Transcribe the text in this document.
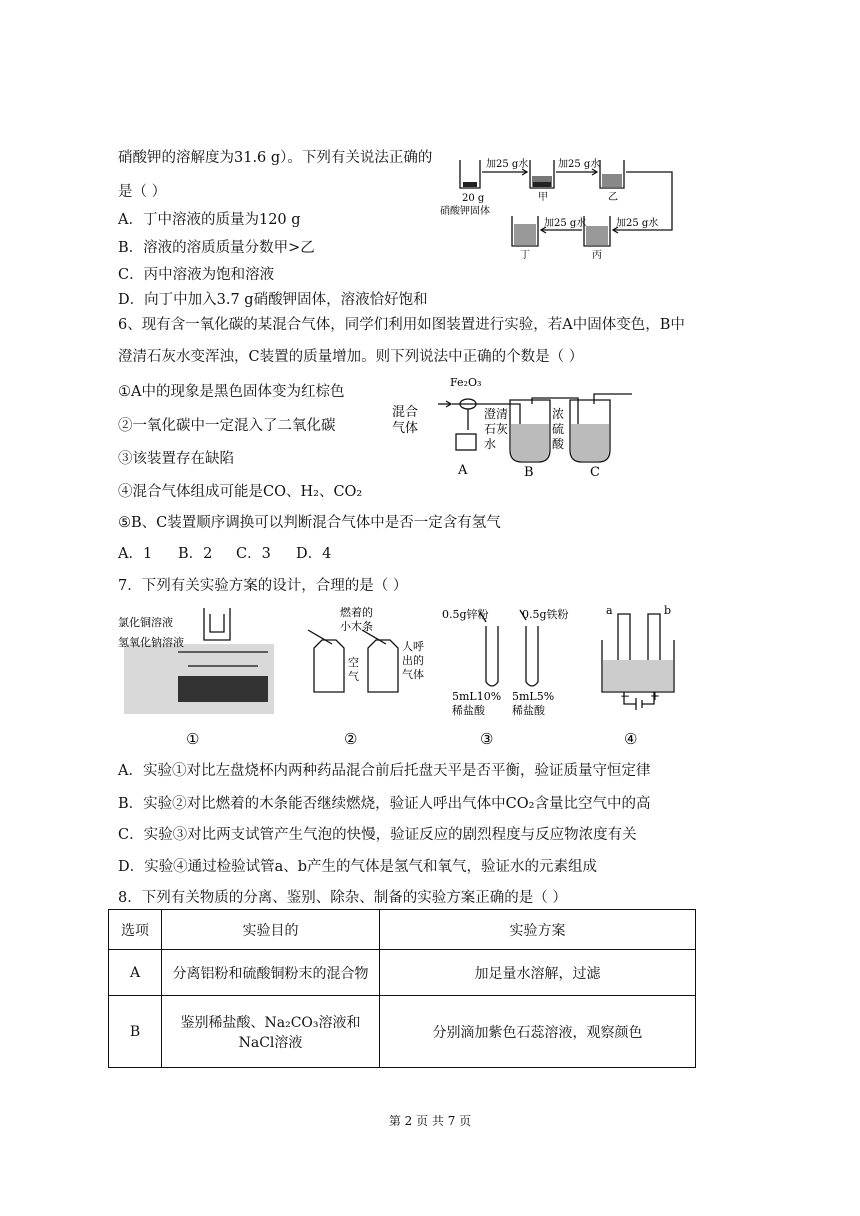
硝酸钾的溶解度为31.6 g）。下列有关说法正确的
是（ ）
A．丁中溶液的质量为120 g
B．溶液的溶质质量分数甲>乙
C．丙中溶液为饱和溶液
D．向丁中加入3.7 g硝酸钾固体，溶液恰好饱和
加25 g水	加25 g水
加25 g水
加25 g水
20 g
硝酸钾固体
甲	乙
丁	丙
6、现有含一氧化碳的某混合气体，同学们利用如图装置进行实验，若A中固体变色，B中
澄清石灰水变浑浊，C装置的质量增加。则下列说法中正确的个数是（ ）
①A中的现象是黑色固体变为红棕色
②一氧化碳中一定混入了二氧化碳
③该装置存在缺陷
④混合气体组成可能是CO、H₂、CO₂
⑤B、C装置顺序调换可以判断混合气体中是否一定含有氢气
A．1 B．2 C．3 D．4
Fe₂O₃
混合
气体
澄清
石灰
水
浓
硫
酸
A	B	C
7．下列有关实验方案的设计，合理的是（ ）
氯化铜溶液
氢氧化钠溶液
燃着的
小木条
空
气
人呼
出的
气体
0.5g锌粉	0.5g铁粉
5mL10%
稀盐酸
5mL5%
稀盐酸
a	b
− +
①	②	③	④
A．实验①对比左盘烧杯内两种药品混合前后托盘天平是否平衡，验证质量守恒定律
B．实验②对比燃着的木条能否继续燃烧，验证人呼出气体中CO₂含量比空气中的高
C．实验③对比两支试管产生气泡的快慢，验证反应的剧烈程度与反应物浓度有关
D．实验④通过检验试管a、b产生的气体是氢气和氧气，验证水的元素组成
8．下列有关物质的分离、鉴别、除杂、制备的实验方案正确的是（ ）
选项	实验目的	实验方案
A	分离铝粉和硫酸铜粉末的混合物	加足量水溶解，过滤
B	鉴别稀盐酸、Na₂CO₃溶液和NaCl溶液	分别滴加紫色石蕊溶液，观察颜色
第 2 页 共 7 页
